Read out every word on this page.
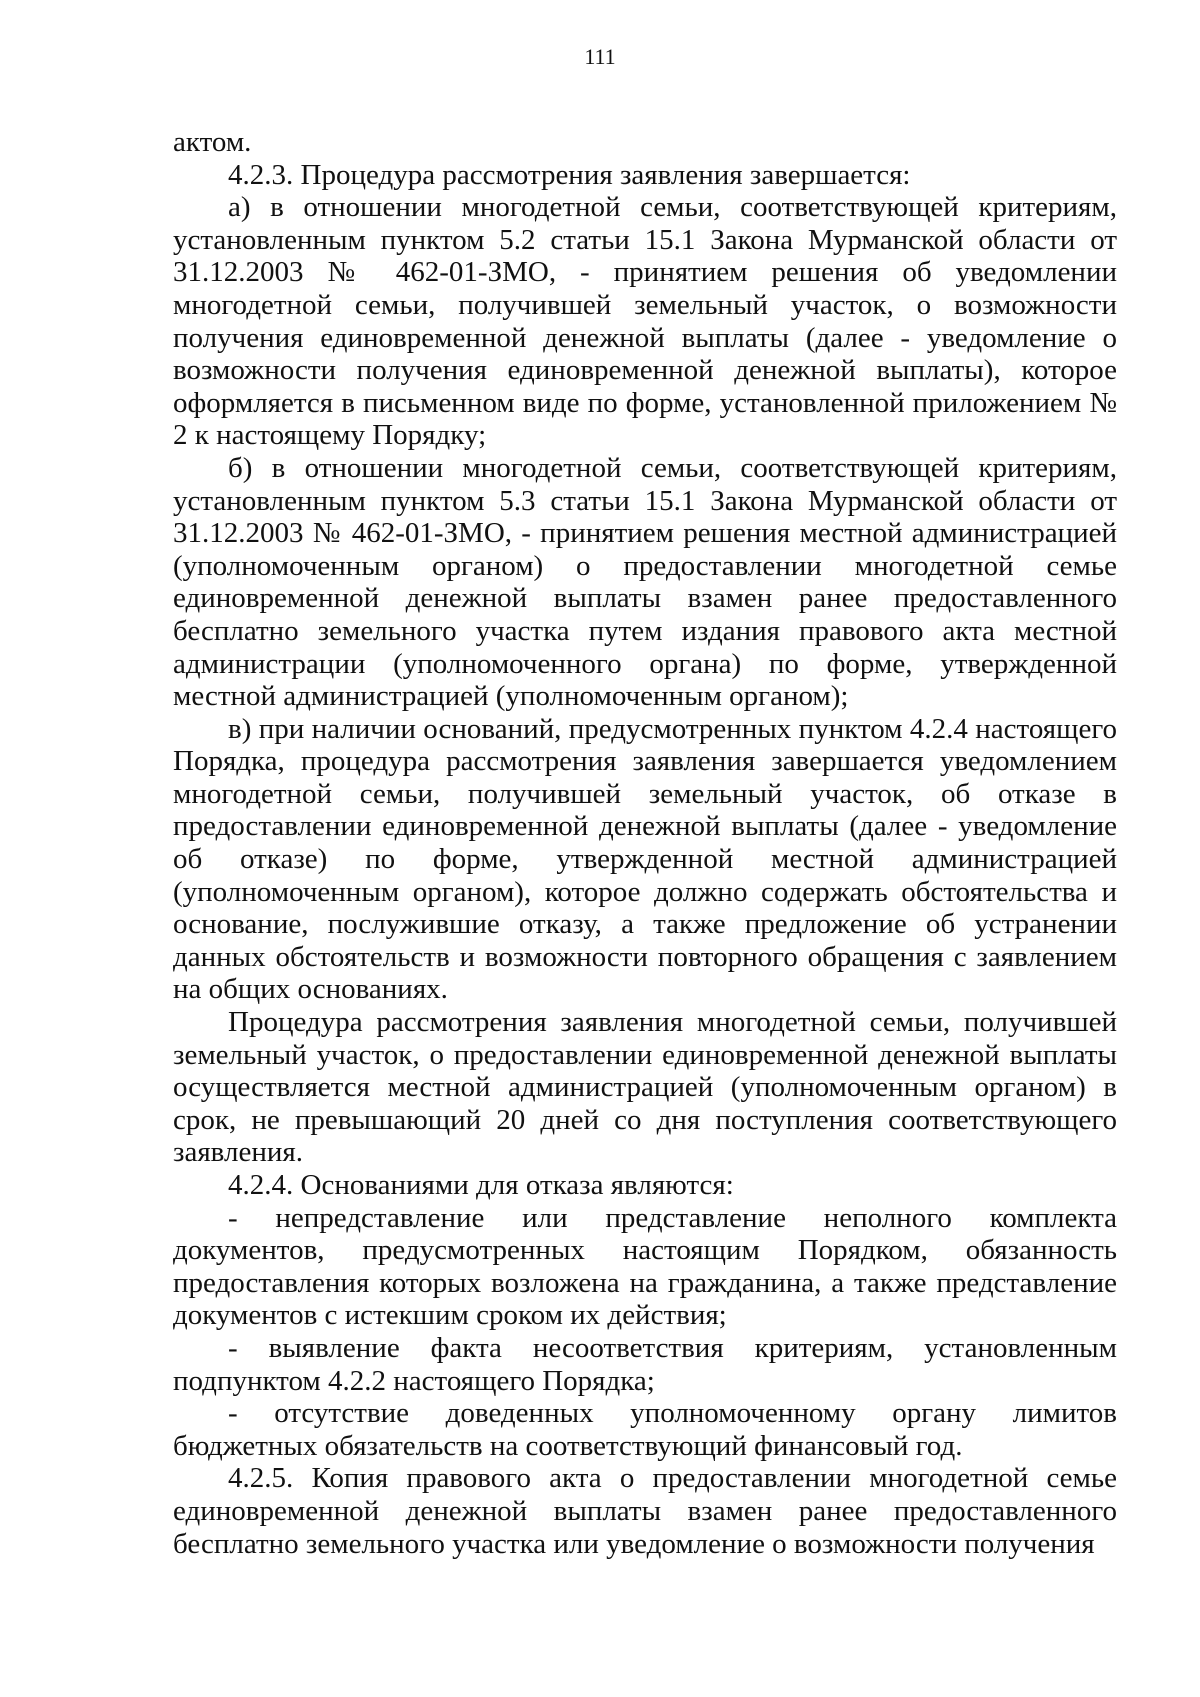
111

актом.

4.2.3. Процедура рассмотрения заявления завершается:

а) в отношении многодетной семьи, соответствующей критериям, установленным пунктом 5.2 статьи 15.1 Закона Мурманской области от 31.12.2003 № 462-01-ЗМО, - принятием решения об уведомлении многодетной семьи, получившей земельный участок, о возможности получения единовременной денежной выплаты (далее - уведомление о возможности получения единовременной денежной выплаты), которое оформляется в письменном виде по форме, установленной приложением № 2 к настоящему Порядку;

б) в отношении многодетной семьи, соответствующей критериям, установленным пунктом 5.3 статьи 15.1 Закона Мурманской области от 31.12.2003 № 462-01-ЗМО, - принятием решения местной администрацией (уполномоченным органом) о предоставлении многодетной семье единовременной денежной выплаты взамен ранее предоставленного бесплатно земельного участка путем издания правового акта местной администрации (уполномоченного органа) по форме, утвержденной местной администрацией (уполномоченным органом);

в) при наличии оснований, предусмотренных пунктом 4.2.4 настоящего Порядка, процедура рассмотрения заявления завершается уведомлением многодетной семьи, получившей земельный участок, об отказе в предоставлении единовременной денежной выплаты (далее - уведомление об отказе) по форме, утвержденной местной администрацией (уполномоченным органом), которое должно содержать обстоятельства и основание, послужившие отказу, а также предложение об устранении данных обстоятельств и возможности повторного обращения с заявлением на общих основаниях.

Процедура рассмотрения заявления многодетной семьи, получившей земельный участок, о предоставлении единовременной денежной выплаты осуществляется местной администрацией (уполномоченным органом) в срок, не превышающий 20 дней со дня поступления соответствующего заявления.

4.2.4. Основаниями для отказа являются:

- непредставление или представление неполного комплекта документов, предусмотренных настоящим Порядком, обязанность предоставления которых возложена на гражданина, а также представление документов с истекшим сроком их действия;

- выявление факта несоответствия критериям, установленным подпунктом 4.2.2 настоящего Порядка;

- отсутствие доведенных уполномоченному органу лимитов бюджетных обязательств на соответствующий финансовый год.

4.2.5. Копия правового акта о предоставлении многодетной семье единовременной денежной выплаты взамен ранее предоставленного бесплатно земельного участка или уведомление о возможности получения
